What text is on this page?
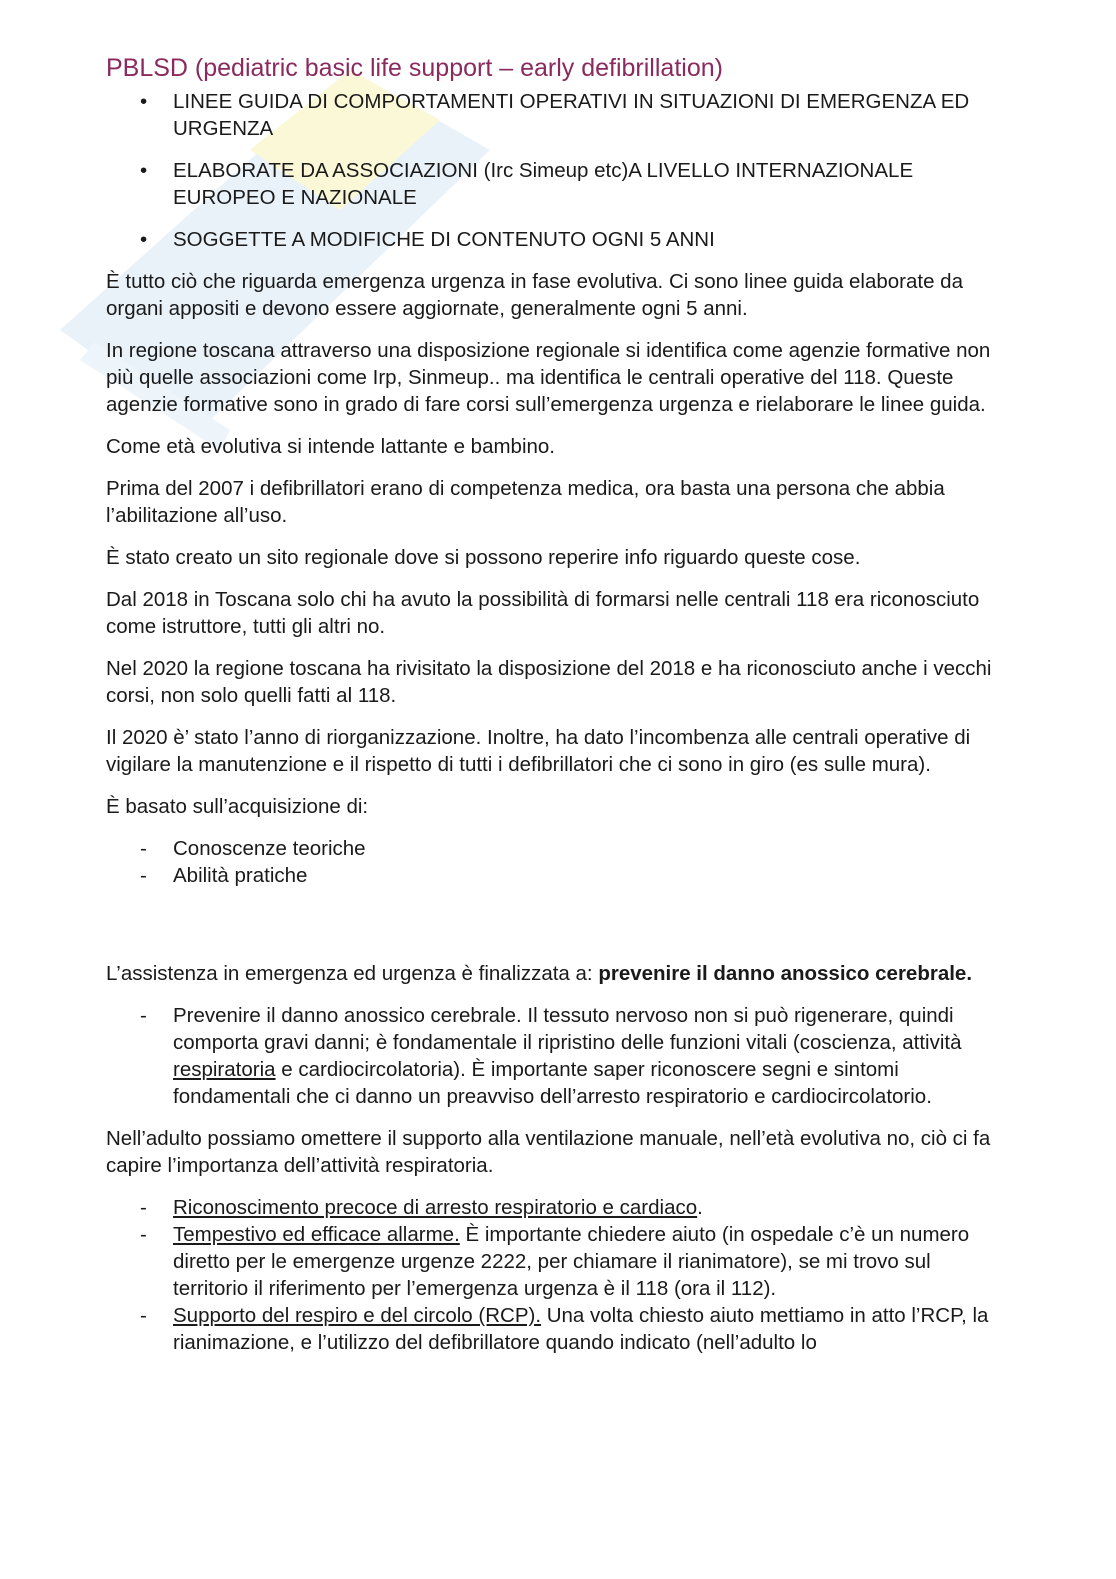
PBLSD (pediatric basic life support – early defibrillation)
• LINEE GUIDA DI COMPORTAMENTI OPERATIVI IN SITUAZIONI DI EMERGENZA ED URGENZA
• ELABORATE DA ASSOCIAZIONI (Irc Simeup etc)A LIVELLO INTERNAZIONALE EUROPEO E NAZIONALE
• SOGGETTE A MODIFICHE DI CONTENUTO OGNI 5 ANNI

È tutto ciò che riguarda emergenza urgenza in fase evolutiva. Ci sono linee guida elaborate da organi appositi e devono essere aggiornate, generalmente ogni 5 anni.

In regione toscana attraverso una disposizione regionale si identifica come agenzie formative non più quelle associazioni come Irp, Sinmeup.. ma identifica le centrali operative del 118. Queste agenzie formative sono in grado di fare corsi sull’emergenza urgenza e rielaborare le linee guida.

Come età evolutiva si intende lattante e bambino.

Prima del 2007 i defibrillatori erano di competenza medica, ora basta una persona che abbia l’abilitazione all’uso.

È stato creato un sito regionale dove si possono reperire info riguardo queste cose.

Dal 2018 in Toscana solo chi ha avuto la possibilità di formarsi nelle centrali 118 era riconosciuto come istruttore, tutti gli altri no.

Nel 2020 la regione toscana ha rivisitato la disposizione del 2018 e ha riconosciuto anche i vecchi corsi, non solo quelli fatti al 118.

Il 2020 è’ stato l’anno di riorganizzazione. Inoltre, ha dato l’incombenza alle centrali operative di vigilare la manutenzione e il rispetto di tutti i defibrillatori che ci sono in giro (es sulle mura).

È basato sull’acquisizione di:

- Conoscenze teoriche
- Abilità pratiche

L’assistenza in emergenza ed urgenza è finalizzata a: prevenire il danno anossico cerebrale.

- Prevenire il danno anossico cerebrale. Il tessuto nervoso non si può rigenerare, quindi comporta gravi danni; è fondamentale il ripristino delle funzioni vitali (coscienza, attività respiratoria e cardiocircolatoria). È importante saper riconoscere segni e sintomi fondamentali che ci danno un preavviso dell’arresto respiratorio e cardiocircolatorio.

Nell’adulto possiamo omettere il supporto alla ventilazione manuale, nell’età evolutiva no, ciò ci fa capire l’importanza dell’attività respiratoria.

- Riconoscimento precoce di arresto respiratorio e cardiaco.
- Tempestivo ed efficace allarme. È importante chiedere aiuto (in ospedale c’è un numero diretto per le emergenze urgenze 2222, per chiamare il rianimatore), se mi trovo sul territorio il riferimento per l’emergenza urgenza è il 118 (ora il 112).
- Supporto del respiro e del circolo (RCP). Una volta chiesto aiuto mettiamo in atto l’RCP, la rianimazione, e l’utilizzo del defibrillatore quando indicato (nell’adulto lo
